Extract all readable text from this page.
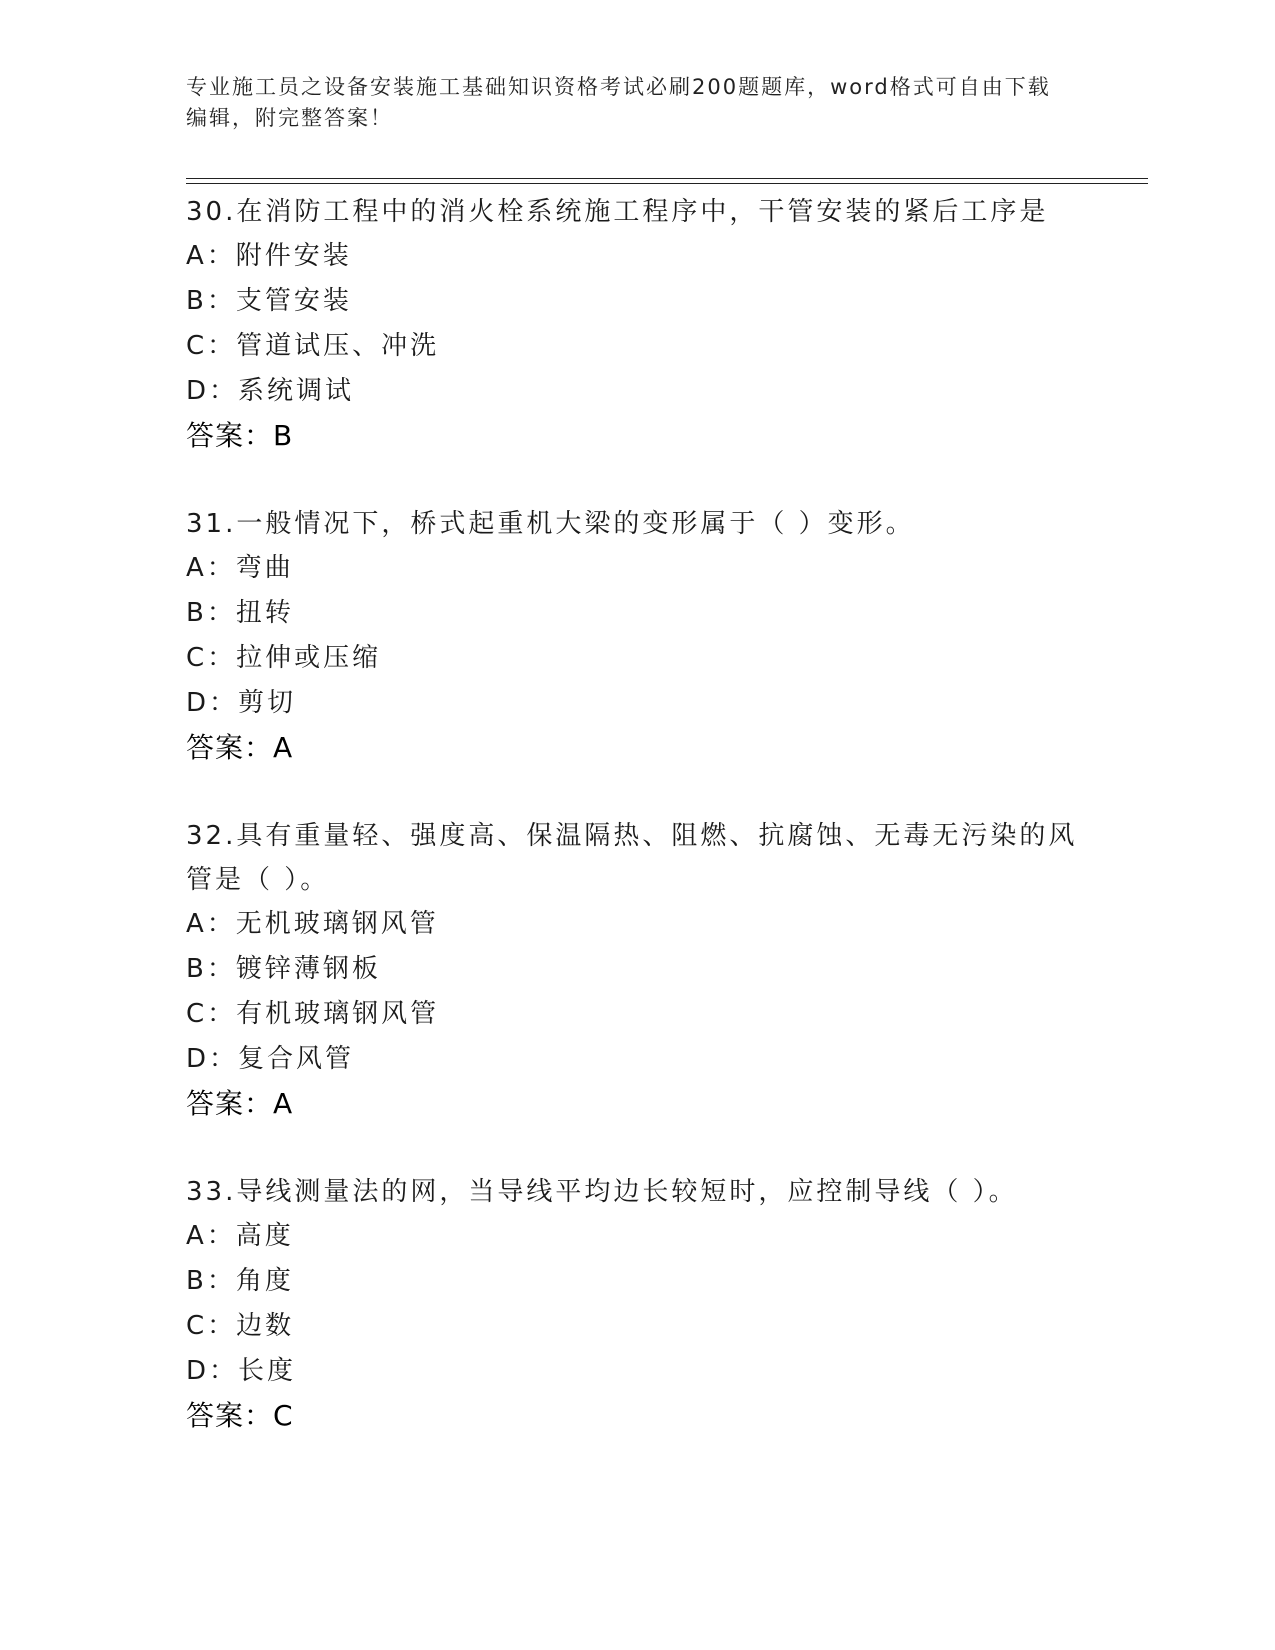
专业施工员之设备安装施工基础知识资格考试必刷200题题库，word格式可自由下载编辑，附完整答案！
30.在消防工程中的消火栓系统施工程序中，干管安装的紧后工序是
A：附件安装
B：支管安装
C：管道试压、冲洗
D：系统调试
答案：B
31.一般情况下，桥式起重机大梁的变形属于（ ）变形。
A：弯曲
B：扭转
C：拉伸或压缩
D：剪切
答案：A
32.具有重量轻、强度高、保温隔热、阻燃、抗腐蚀、无毒无污染的风管是（ ）。
A：无机玻璃钢风管
B：镀锌薄钢板
C：有机玻璃钢风管
D：复合风管
答案：A
33.导线测量法的网，当导线平均边长较短时，应控制导线（ ）。
A：高度
B：角度
C：边数
D：长度
答案：C
